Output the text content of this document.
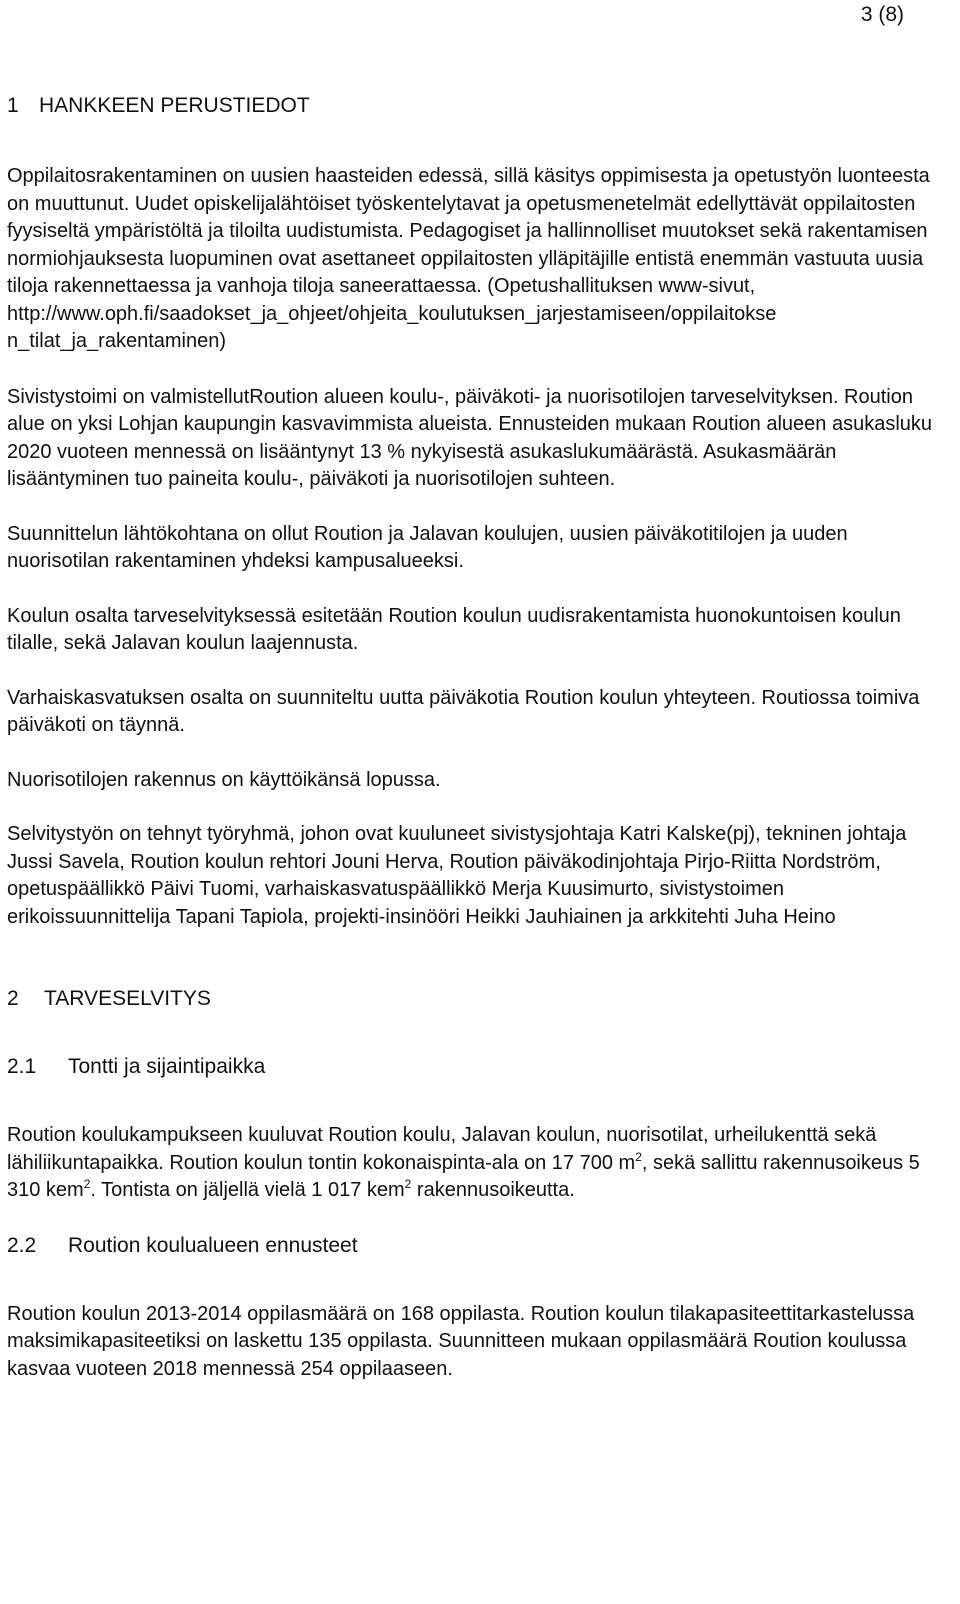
3 (8)
1 HANKKEEN PERUSTIEDOT

Oppilaitosrakentaminen on uusien haasteiden edessä, sillä käsitys oppimisesta ja opetustyön luonteesta on muuttunut. Uudet opiskelijalähtöiset työskentelytavat ja opetusmenetelmät edellyttävät oppilaitosten fyysiseltä ympäristöltä ja tiloilta uudistumista. Pedagogiset ja hallinnolliset muutokset sekä rakentamisen normiohjauksesta luopuminen ovat asettaneet oppilaitosten ylläpitäjille entistä enemmän vastuuta uusia tiloja rakennettaessa ja vanhoja tiloja saneerattaessa. (Opetushallituksen www-sivut,
http://www.oph.fi/saadokset_ja_ohjeet/ohjeita_koulutuksen_jarjestamiseen/oppilaitokse
n_tilat_ja_rakentaminen)

Sivistystoimi on valmistellutRoution alueen koulu-, päiväkoti- ja nuorisotilojen tarveselvityksen. Roution alue on yksi Lohjan kaupungin kasvavimmista alueista. Ennusteiden mukaan Roution alueen asukasluku 2020 vuoteen mennessä on lisääntynyt 13 % nykyisestä asukaslukumäärästä. Asukasmäärän lisääntyminen tuo paineita koulu-, päiväkoti ja nuorisotilojen suhteen.

Suunnittelun lähtökohtana on ollut Roution ja Jalavan koulujen, uusien päiväkotitilojen ja uuden nuorisotilan rakentaminen yhdeksi kampusalueeksi.

Koulun osalta tarveselvityksessä esitetään Roution koulun uudisrakentamista huonokuntoisen koulun tilalle, sekä Jalavan koulun laajennusta.

Varhaiskasvatuksen osalta on suunniteltu uutta päiväkotia Roution koulun yhteyteen. Routiossa toimiva päiväkoti on täynnä.

Nuorisotilojen rakennus on käyttöikänsä lopussa.

Selvitystyön on tehnyt työryhmä, johon ovat kuuluneet sivistysjohtaja Katri Kalske(pj), tekninen johtaja Jussi Savela, Roution koulun rehtori Jouni Herva, Roution päiväkodinjohtaja Pirjo-Riitta Nordström, opetuspäällikkö Päivi Tuomi, varhaiskasvatuspäällikkö Merja Kuusimurto, sivistystoimen erikoissuunnittelija Tapani Tapiola, projekti-insinööri Heikki Jauhiainen ja arkkitehti Juha Heino

2	TARVESELVITYS
2.1	Tontti ja sijaintipaikka

Roution koulukampukseen kuuluvat Roution koulu, Jalavan koulun, nuorisotilat, urheilukenttä sekä lähiliikuntapaikka. Roution koulun tontin kokonaispinta-ala on 17 700 $m^2$, sekä sallittu rakennusoikeus 5 310 kem$^2$. Tontista on jäljellä vielä 1 017 kem$^2$ rakennusoikeutta.

2.2	Roution koulualueen ennusteet

Roution koulun 2013-2014 oppilasmäärä on 168 oppilasta. Roution koulun tilakapasiteettitarkastelussa maksimikapasiteetiksi on laskettu 135 oppilasta. Suunnitteen mukaan oppilasmäärä Roution koulussa kasvaa vuoteen 2018 mennessä 254 oppilaaseen.
